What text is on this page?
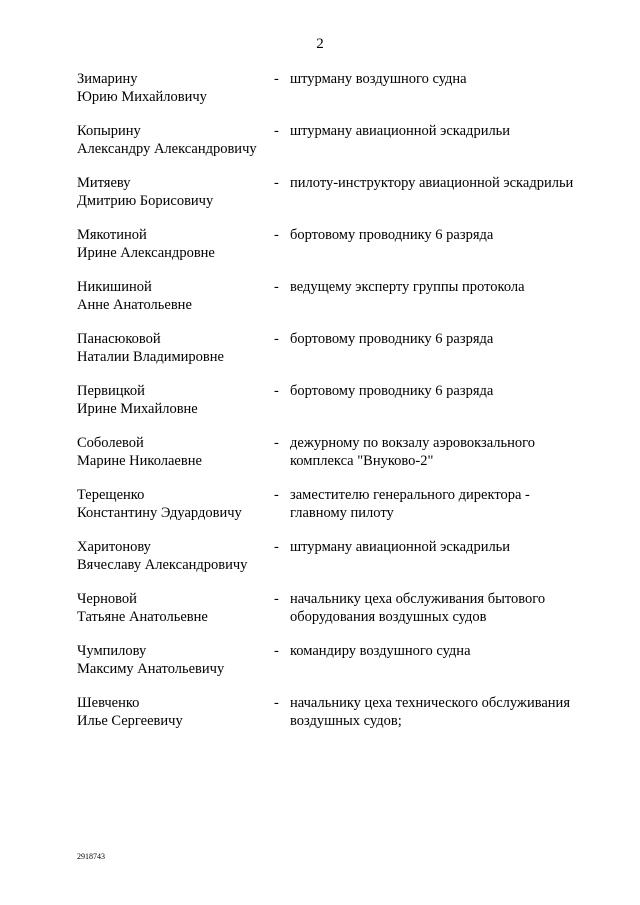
2
Зимарину
Юрию Михайловичу
- штурману воздушного судна
Копырину
Александру Александровичу
- штурману авиационной эскадрильи
Митяеву
Дмитрию Борисовичу
- пилоту-инструктору авиационной эскадрильи
Мякотиной
Ирине Александровне
- бортовому проводнику 6 разряда
Никишиной
Анне Анатольевне
- ведущему эксперту группы протокола
Панасюковой
Наталии Владимировне
- бортовому проводнику 6 разряда
Первицкой
Ирине Михайловне
- бортовому проводнику 6 разряда
Соболевой
Марине Николаевне
- дежурному по вокзалу аэровокзального комплекса "Внуково-2"
Терещенко
Константину Эдуардовичу
- заместителю генерального директора - главному пилоту
Харитонову
Вячеславу Александровичу
- штурману авиационной эскадрильи
Черновой
Татьяне Анатольевне
- начальнику цеха обслуживания бытового оборудования воздушных судов
Чумпилову
Максиму Анатольевичу
- командиру воздушного судна
Шевченко
Илье Сергеевичу
- начальнику цеха технического обслуживания воздушных судов;
2918743
